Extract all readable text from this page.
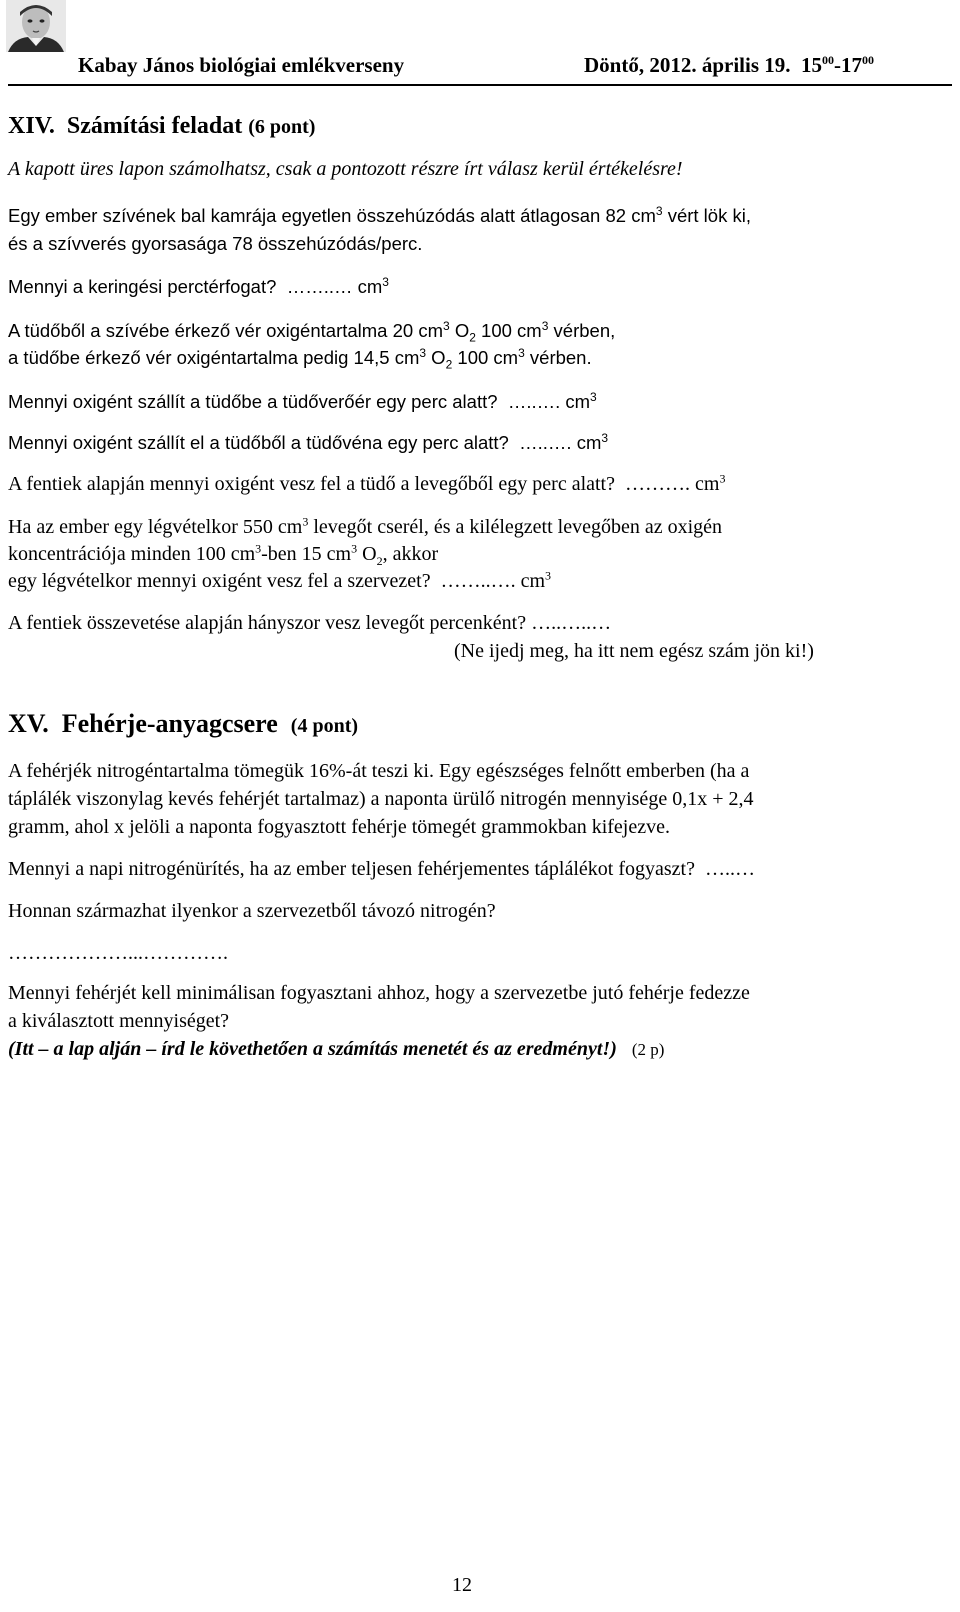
Kabay János biológiai emlékverseny	Döntő, 2012. április 19. $15^{00}-17^{00}$
XIV. Számítási feladat (6 pont)
A kapott üres lapon számolhatsz, csak a pontozott részre írt válasz kerül értékelésre!
Egy ember szívének bal kamrája egyetlen összehúzódás alatt átlagosan 82 $cm^3$ vért lök ki,
és a szívverés gyorsasága 78 összehúzódás/perc.
Mennyi a keringési perctérfogat? ……..… $cm^3$
A tüdőből a szívébe érkező vér oxigéntartalma 20 $cm^3$ $O_2$ 100 $cm^3$ vérben,
a tüdőbe érkező vér oxigéntartalma pedig 14,5 $cm^3$ $O_2$ 100 $cm^3$ vérben.
Mennyi oxigént szállít a tüdőbe a tüdőverőér egy perc alatt? …..…. $cm^3$
Mennyi oxigént szállít el a tüdőből a tüdővéna egy perc alatt? …..…. $cm^3$
A fentiek alapján mennyi oxigént vesz fel a tüdő a levegőből egy perc alatt? ………. $cm^3$
Ha az ember egy légvételkor 550 $cm^3$ levegőt cserél, és a kilélegzett levegőben az oxigén
koncentrációja minden 100 $cm^3$-ben 15 $cm^3$ $O_2$, akkor
egy légvételkor mennyi oxigént vesz fel a szervezet? ……..…. $cm^3$
A fentiek összevetése alapján hányszor vesz levegőt percenként? …..…..…
(Ne ijedj meg, ha itt nem egész szám jön ki!)
XV. Fehérje-anyagcsere (4 pont)
A fehérjék nitrogéntartalma tömegük 16%-át teszi ki. Egy egészséges felnőtt emberben (ha a
táplálék viszonylag kevés fehérjét tartalmaz) a naponta ürülő nitrogén mennyisége 0,1x + 2,4
gramm, ahol x jelöli a naponta fogyasztott fehérje tömegét grammokban kifejezve.
Mennyi a napi nitrogénürítés, ha az ember teljesen fehérjementes táplálékot fogyaszt? …..…
Honnan származhat ilyenkor a szervezetből távozó nitrogén?
………………...………….
Mennyi fehérjét kell minimálisan fogyasztani ahhoz, hogy a szervezetbe jutó fehérje fedezze
a kiválasztott mennyiséget?
(Itt – a lap alján – írd le követhetően a számítás menetét és az eredményt!) (2 p)
12
